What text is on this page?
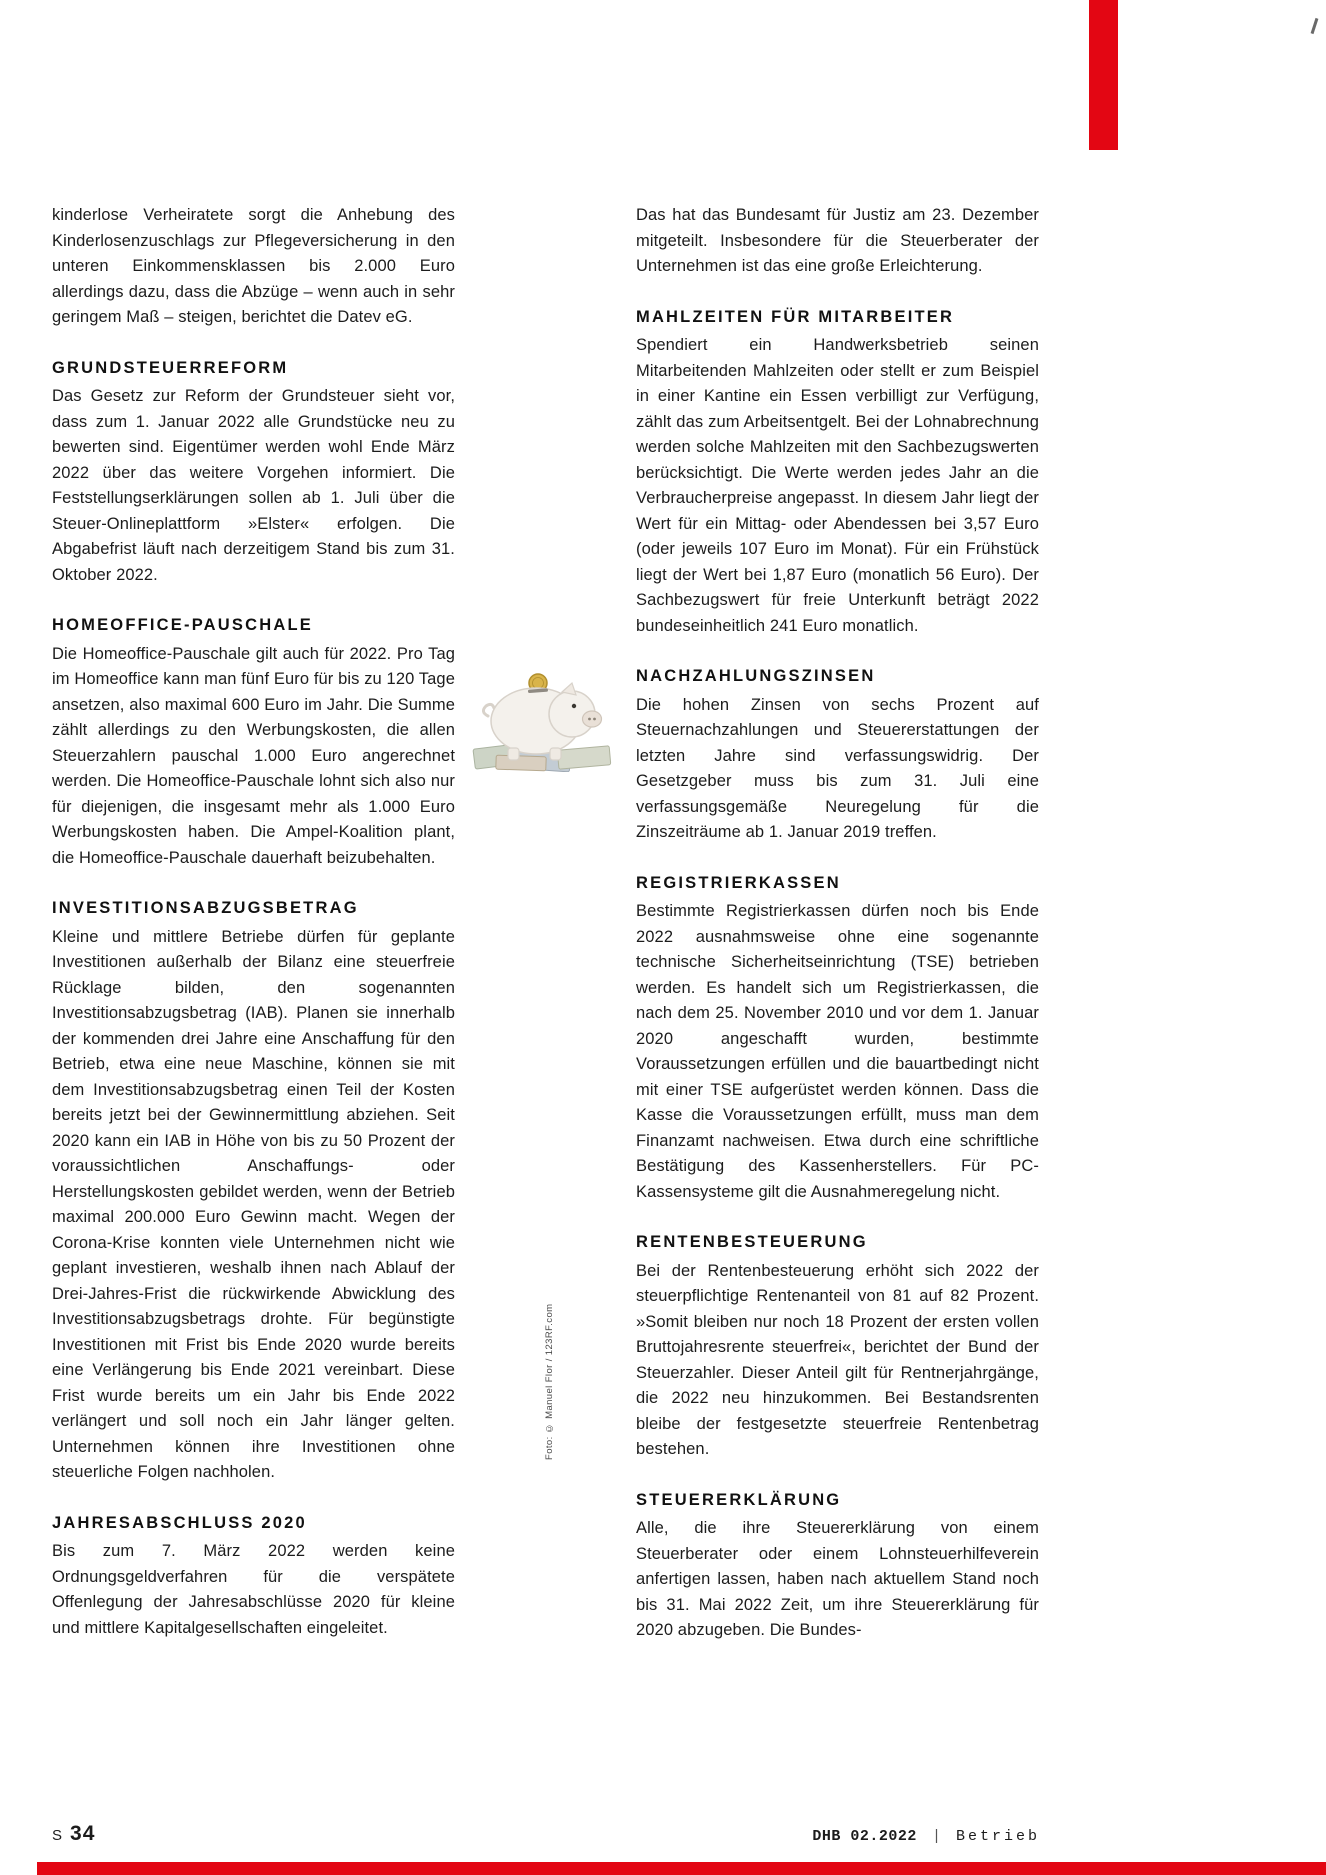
kinderlose Verheiratete sorgt die Anhebung des Kinderlosenzuschlags zur Pflegeversicherung in den unteren Einkommensklassen bis 2.000 Euro allerdings dazu, dass die Abzüge – wenn auch in sehr geringem Maß – steigen, berichtet die Datev eG.

GRUNDSTEUERREFORM

Das Gesetz zur Reform der Grundsteuer sieht vor, dass zum 1. Januar 2022 alle Grundstücke neu zu bewerten sind. Eigentümer werden wohl Ende März 2022 über das weitere Vorgehen informiert. Die Feststellungserklärungen sollen ab 1. Juli über die Steuer-Onlineplattform »Elster« erfolgen. Die Abgabefrist läuft nach derzeitigem Stand bis zum 31. Oktober 2022.

HOMEOFFICE-PAUSCHALE

Die Homeoffice-Pauschale gilt auch für 2022. Pro Tag im Homeoffice kann man fünf Euro für bis zu 120 Tage ansetzen, also maximal 600 Euro im Jahr. Die Summe zählt allerdings zu den Werbungskosten, die allen Steuerzahlern pauschal 1.000 Euro angerechnet werden. Die Homeoffice-Pauschale lohnt sich also nur für diejenigen, die insgesamt mehr als 1.000 Euro Werbungskosten haben. Die Ampel-Koalition plant, die Homeoffice-Pauschale dauerhaft beizubehalten.

INVESTITIONSABZUGSBETRAG

Kleine und mittlere Betriebe dürfen für geplante Investitionen außerhalb der Bilanz eine steuerfreie Rücklage bilden, den sogenannten Investitionsabzugsbetrag (IAB). Planen sie innerhalb der kommenden drei Jahre eine Anschaffung für den Betrieb, etwa eine neue Maschine, können sie mit dem Investitionsabzugsbetrag einen Teil der Kosten bereits jetzt bei der Gewinnermittlung abziehen. Seit 2020 kann ein IAB in Höhe von bis zu 50 Prozent der voraussichtlichen Anschaffungs- oder Herstellungskosten gebildet werden, wenn der Betrieb maximal 200.000 Euro Gewinn macht. Wegen der Corona-Krise konnten viele Unternehmen nicht wie geplant investieren, weshalb ihnen nach Ablauf der Drei-Jahres-Frist die rückwirkende Abwicklung des Investitionsabzugsbetrags drohte. Für begünstigte Investitionen mit Frist bis Ende 2020 wurde bereits eine Verlängerung bis Ende 2021 vereinbart. Diese Frist wurde bereits um ein Jahr bis Ende 2022 verlängert und soll noch ein Jahr länger gelten. Unternehmen können ihre Investitionen ohne steuerliche Folgen nachholen.

JAHRESABSCHLUSS 2020

Bis zum 7. März 2022 werden keine Ordnungsgeldverfahren für die verspätete Offenlegung der Jahresabschlüsse 2020 für kleine und mittlere Kapitalgesellschaften eingeleitet.

Das hat das Bundesamt für Justiz am 23. Dezember mitgeteilt. Insbesondere für die Steuerberater der Unternehmen ist das eine große Erleichterung.

MAHLZEITEN FÜR MITARBEITER

Spendiert ein Handwerksbetrieb seinen Mitarbeitenden Mahlzeiten oder stellt er zum Beispiel in einer Kantine ein Essen verbilligt zur Verfügung, zählt das zum Arbeitsentgelt. Bei der Lohnabrechnung werden solche Mahlzeiten mit den Sachbezugswerten berücksichtigt. Die Werte werden jedes Jahr an die Verbraucherpreise angepasst. In diesem Jahr liegt der Wert für ein Mittag- oder Abendessen bei 3,57 Euro (oder jeweils 107 Euro im Monat). Für ein Frühstück liegt der Wert bei 1,87 Euro (monatlich 56 Euro). Der Sachbezugswert für freie Unterkunft beträgt 2022 bundeseinheitlich 241 Euro monatlich.

NACHZAHLUNGSZINSEN

Die hohen Zinsen von sechs Prozent auf Steuernachzahlungen und Steuererstattungen der letzten Jahre sind verfassungswidrig. Der Gesetzgeber muss bis zum 31. Juli eine verfassungsgemäße Neuregelung für die Zinszeiträume ab 1. Januar 2019 treffen.

REGISTRIERKASSEN

Bestimmte Registrierkassen dürfen noch bis Ende 2022 ausnahmsweise ohne eine sogenannte technische Sicherheitseinrichtung (TSE) betrieben werden. Es handelt sich um Registrierkassen, die nach dem 25. November 2010 und vor dem 1. Januar 2020 angeschafft wurden, bestimmte Voraussetzungen erfüllen und die bauartbedingt nicht mit einer TSE aufgerüstet werden können. Dass die Kasse die Voraussetzungen erfüllt, muss man dem Finanzamt nachweisen. Etwa durch eine schriftliche Bestätigung des Kassenherstellers. Für PC-Kassensysteme gilt die Ausnahmeregelung nicht.

RENTENBESTEUERUNG

Bei der Rentenbesteuerung erhöht sich 2022 der steuerpflichtige Rentenanteil von 81 auf 82 Prozent. »Somit bleiben nur noch 18 Prozent der ersten vollen Bruttojahresrente steuerfrei«, berichtet der Bund der Steuerzahler. Dieser Anteil gilt für Rentnerjahrgänge, die 2022 neu hinzukommen. Bei Bestandsrenten bleibe der festgesetzte steuerfreie Rentenbetrag bestehen.

STEUERERKLÄRUNG

Alle, die ihre Steuererklärung von einem Steuerberater oder einem Lohnsteuerhilfeverein anfertigen lassen, haben nach aktuellem Stand noch bis 31. Mai 2022 Zeit, um ihre Steuererklärung für 2020 abzugeben. Die Bundes-

Foto: © Manuel Flor / 123RF.com
S 34	DHB 02.2022 | Betrieb
